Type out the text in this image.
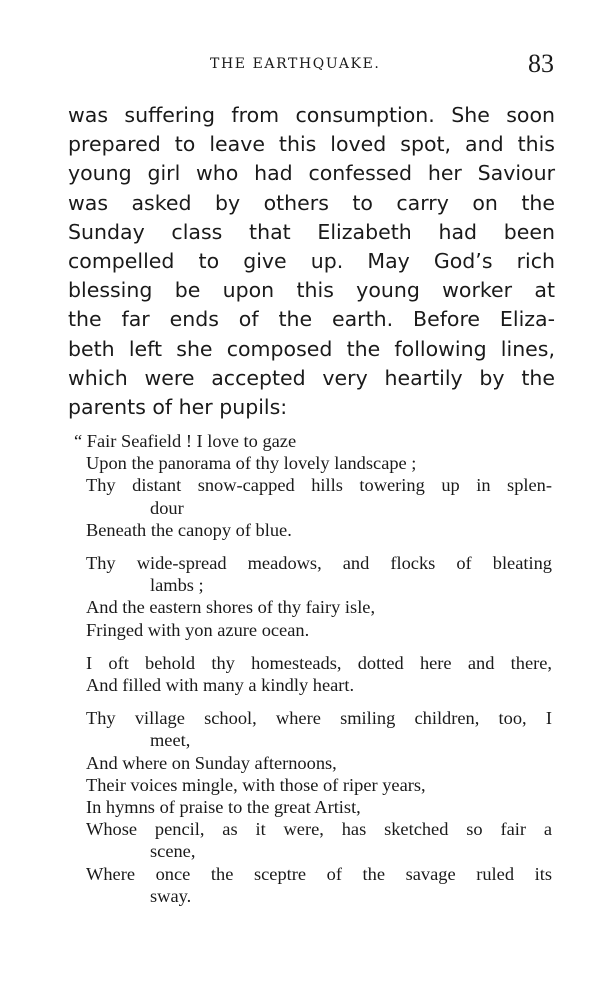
THE EARTHQUAKE.	83
was suffering from consumption. She soon
prepared to leave this loved spot, and this
young girl who had confessed her Saviour
was asked by others to carry on the
Sunday class that Elizabeth had been
compelled to give up. May God’s rich
blessing be upon this young worker at
the far ends of the earth. Before Eliza-
beth left she composed the following lines,
which were accepted very heartily by the
parents of her pupils:
“ Fair Seafield ! I love to gaze
Upon the panorama of thy lovely landscape ;
Thy distant snow-capped hills towering up in splen-
dour
Beneath the canopy of blue.
Thy wide-spread meadows, and flocks of bleating
lambs ;
And the eastern shores of thy fairy isle,
Fringed with yon azure ocean.
I oft behold thy homesteads, dotted here and there,
And filled with many a kindly heart.
Thy village school, where smiling children, too, I
meet,
And where on Sunday afternoons,
Their voices mingle, with those of riper years,
In hymns of praise to the great Artist,
Whose pencil, as it were, has sketched so fair a
scene,
Where once the sceptre of the savage ruled its
sway.
